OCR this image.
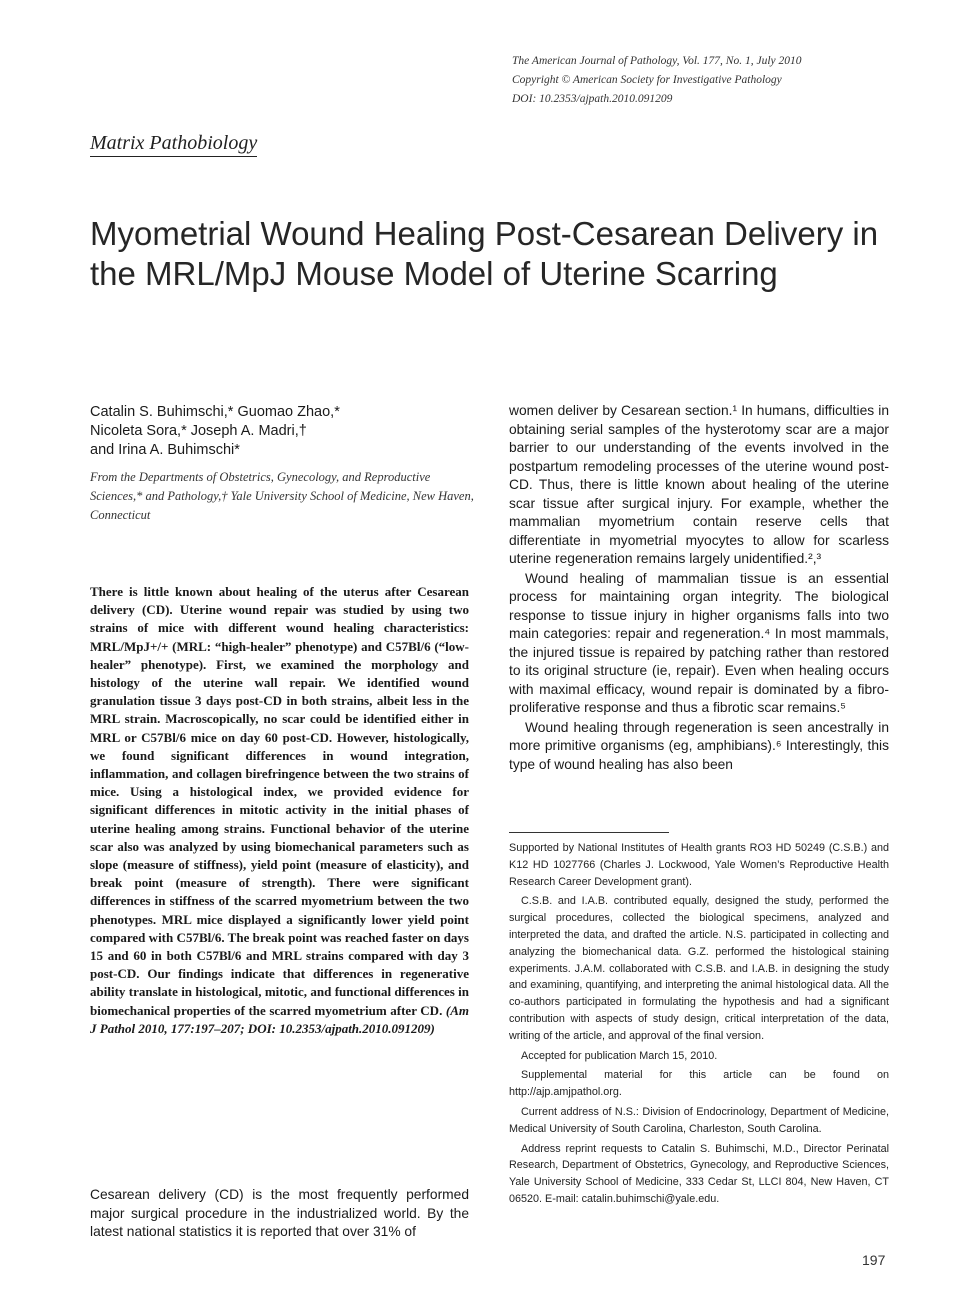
The American Journal of Pathology, Vol. 177, No. 1, July 2010
Copyright © American Society for Investigative Pathology
DOI: 10.2353/ajpath.2010.091209
Matrix Pathobiology
Myometrial Wound Healing Post-Cesarean Delivery in the MRL/MpJ Mouse Model of Uterine Scarring
Catalin S. Buhimschi,* Guomao Zhao,*
Nicoleta Sora,* Joseph A. Madri,†
and Irina A. Buhimschi*
From the Departments of Obstetrics, Gynecology, and Reproductive Sciences,* and Pathology,† Yale University School of Medicine, New Haven, Connecticut
There is little known about healing of the uterus after Cesarean delivery (CD). Uterine wound repair was studied by using two strains of mice with different wound healing characteristics: MRL/MpJ+/+ (MRL: “high-healer” phenotype) and C57Bl/6 (“low-healer” phenotype). First, we examined the morphology and histology of the uterine wall repair. We identified wound granulation tissue 3 days post-CD in both strains, albeit less in the MRL strain. Macroscopically, no scar could be identified either in MRL or C57Bl/6 mice on day 60 post-CD. However, histologically, we found significant differences in wound integration, inflammation, and collagen birefringence between the two strains of mice. Using a histological index, we provided evidence for significant differences in mitotic activity in the initial phases of uterine healing among strains. Functional behavior of the uterine scar also was analyzed by using biomechanical parameters such as slope (measure of stiffness), yield point (measure of elasticity), and break point (measure of strength). There were significant differences in stiffness of the scarred myometrium between the two phenotypes. MRL mice displayed a significantly lower yield point compared with C57Bl/6. The break point was reached faster on days 15 and 60 in both C57Bl/6 and MRL strains compared with day 3 post-CD. Our findings indicate that differences in regenerative ability translate in histological, mitotic, and functional differences in biomechanical properties of the scarred myometrium after CD. (Am J Pathol 2010, 177:197–207; DOI: 10.2353/ajpath.2010.091209)
Cesarean delivery (CD) is the most frequently performed major surgical procedure in the industrialized world. By the latest national statistics it is reported that over 31% of

women deliver by Cesarean section.¹ In humans, difficulties in obtaining serial samples of the hysterotomy scar are a major barrier to our understanding of the events involved in the postpartum remodeling processes of the uterine wound post-CD. Thus, there is little known about healing of the uterine scar tissue after surgical injury. For example, whether the mammalian myometrium contain reserve cells that differentiate in myometrial myocytes to allow for scarless uterine regeneration remains largely unidentified.²,³

Wound healing of mammalian tissue is an essential process for maintaining organ integrity. The biological response to tissue injury in higher organisms falls into two main categories: repair and regeneration.⁴ In most mammals, the injured tissue is repaired by patching rather than restored to its original structure (ie, repair). Even when healing occurs with maximal efficacy, wound repair is dominated by a fibro-proliferative response and thus a fibrotic scar remains.⁵

Wound healing through regeneration is seen ancestrally in more primitive organisms (eg, amphibians).⁶ Interestingly, this type of wound healing has also been

Supported by National Institutes of Health grants RO3 HD 50249 (C.S.B.) and K12 HD 1027766 (Charles J. Lockwood, Yale Women’s Reproductive Health Research Career Development grant).

C.S.B. and I.A.B. contributed equally, designed the study, performed the surgical procedures, collected the biological specimens, analyzed and interpreted the data, and drafted the article. N.S. participated in collecting and analyzing the biomechanical data. G.Z. performed the histological staining experiments. J.A.M. collaborated with C.S.B. and I.A.B. in designing the study and examining, quantifying, and interpreting the animal histological data. All the co-authors participated in formulating the hypothesis and had a significant contribution with aspects of study design, critical interpretation of the data, writing of the article, and approval of the final version.

Accepted for publication March 15, 2010.

Supplemental material for this article can be found on http://ajp.amjpathol.org.

Current address of N.S.: Division of Endocrinology, Department of Medicine, Medical University of South Carolina, Charleston, South Carolina.

Address reprint requests to Catalin S. Buhimschi, M.D., Director Perinatal Research, Department of Obstetrics, Gynecology, and Reproductive Sciences, Yale University School of Medicine, 333 Cedar St, LLCI 804, New Haven, CT 06520. E-mail: catalin.buhimschi@yale.edu.

197
